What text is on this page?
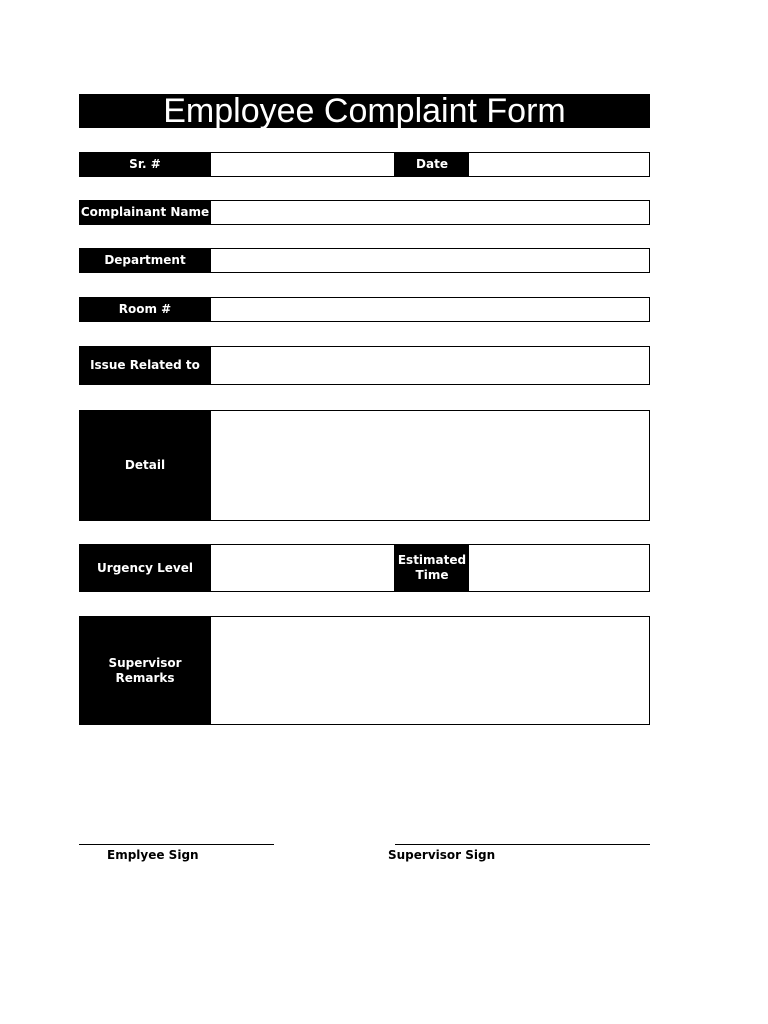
Employee Complaint Form
Sr. #	Date
Complainant Name
Department
Room #
Issue Related to
Detail
Urgency Level
Estimated
Time
Supervisor Remarks
Emplyee Sign	Supervisor Sign
